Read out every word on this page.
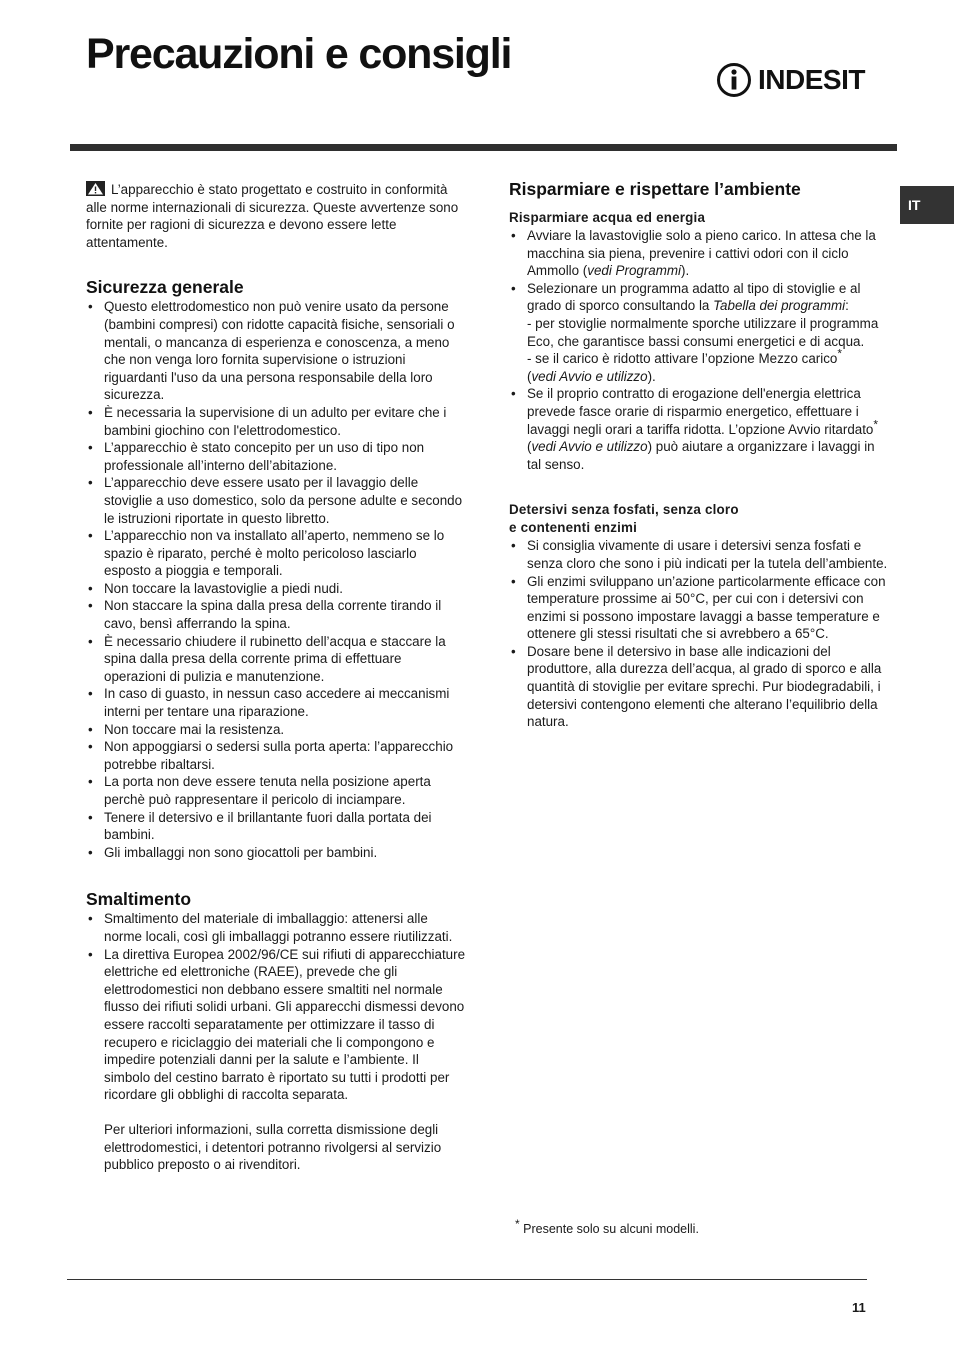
Precauzioni e consigli
INDESIT
IT

L’apparecchio è stato progettato e costruito in conformità alle norme internazionali di sicurezza. Queste avvertenze sono fornite per ragioni di sicurezza e devono essere lette attentamente.

Sicurezza generale
• Questo elettrodomestico non può venire usato da persone (bambini compresi) con ridotte capacità fisiche, sensoriali o mentali, o mancanza di esperienza e conoscenza, a meno che non venga loro fornita supervisione o istruzioni riguardanti l'uso da una persona responsabile della loro sicurezza.
• È necessaria la supervisione di un adulto per evitare che i bambini giochino con l'elettrodomestico.
• L’apparecchio è stato concepito per un uso di tipo non professionale all’interno dell’abitazione.
• L’apparecchio deve essere usato per il lavaggio delle stoviglie a uso domestico, solo da persone adulte e secondo le istruzioni riportate in questo libretto.
• L’apparecchio non va installato all’aperto, nemmeno se lo spazio è riparato, perché è molto pericoloso lasciarlo esposto a pioggia e temporali.
• Non toccare la lavastoviglie a piedi nudi.
• Non staccare la spina dalla presa della corrente tirando il cavo, bensì afferrando la spina.
• È necessario chiudere il rubinetto dell’acqua e staccare la spina dalla presa della corrente prima di effettuare operazioni di pulizia e manutenzione.
• In caso di guasto, in nessun caso accedere ai meccanismi interni per tentare una riparazione.
• Non toccare mai la resistenza.
• Non appoggiarsi o sedersi sulla porta aperta: l’apparecchio potrebbe ribaltarsi.
• La porta non deve essere tenuta nella posizione aperta perchè può rappresentare il pericolo di inciampare.
• Tenere il detersivo e il brillantante fuori dalla portata dei bambini.
• Gli imballaggi non sono giocattoli per bambini.
Smaltimento
• Smaltimento del materiale di imballaggio: attenersi alle norme locali, così gli imballaggi potranno essere riutilizzati.
• La direttiva Europea 2002/96/CE sui rifiuti di apparecchiature elettriche ed elettroniche (RAEE), prevede che gli elettrodomestici non debbano essere smaltiti nel normale flusso dei rifiuti solidi urbani. Gli apparecchi dismessi devono essere raccolti separatamente per ottimizzare il tasso di recupero e riciclaggio dei materiali che li compongono e impedire potenziali danni per la salute e l’ambiente. Il simbolo del cestino barrato è riportato su tutti i prodotti per ricordare gli obblighi di raccolta separata.

Per ulteriori informazioni, sulla corretta dismissione degli elettrodomestici, i detentori potranno rivolgersi al servizio pubblico preposto o ai rivenditori.

Risparmiare e rispettare l’ambiente
Risparmiare acqua ed energia
• Avviare la lavastoviglie solo a pieno carico. In attesa che la macchina sia piena, prevenire i cattivi odori con il ciclo Ammollo (vedi Programmi).
• Selezionare un programma adatto al tipo di stoviglie e al grado di sporco consultando la Tabella dei programmi:
- per stoviglie normalmente sporche utilizzare il programma Eco, che garantisce bassi consumi energetici e di acqua.
- se il carico è ridotto attivare l’opzione Mezzo carico*
(vedi Avvio e utilizzo).
• Se il proprio contratto di erogazione dell'energia elettrica prevede fasce orarie di risparmio energetico, effettuare i lavaggi negli orari a tariffa ridotta. L’opzione Avvio ritardato* (vedi Avvio e utilizzo) può aiutare a organizzare i lavaggi in tal senso.
Detersivi senza fosfati, senza cloro
e contenenti enzimi
• Si consiglia vivamente di usare i detersivi senza fosfati e senza cloro che sono i più indicati per la tutela dell’ambiente.
• Gli enzimi sviluppano un’azione particolarmente efficace con temperature prossime ai 50°C, per cui con i detersivi con enzimi si possono impostare lavaggi a basse temperature e ottenere gli stessi risultati che si avrebbero a 65°C.
• Dosare bene il detersivo in base alle indicazioni del produttore, alla durezza dell’acqua, al grado di sporco e alla quantità di stoviglie per evitare sprechi. Pur biodegradabili, i detersivi contengono elementi che alterano l’equilibrio della natura.
* Presente solo su alcuni modelli.
11
